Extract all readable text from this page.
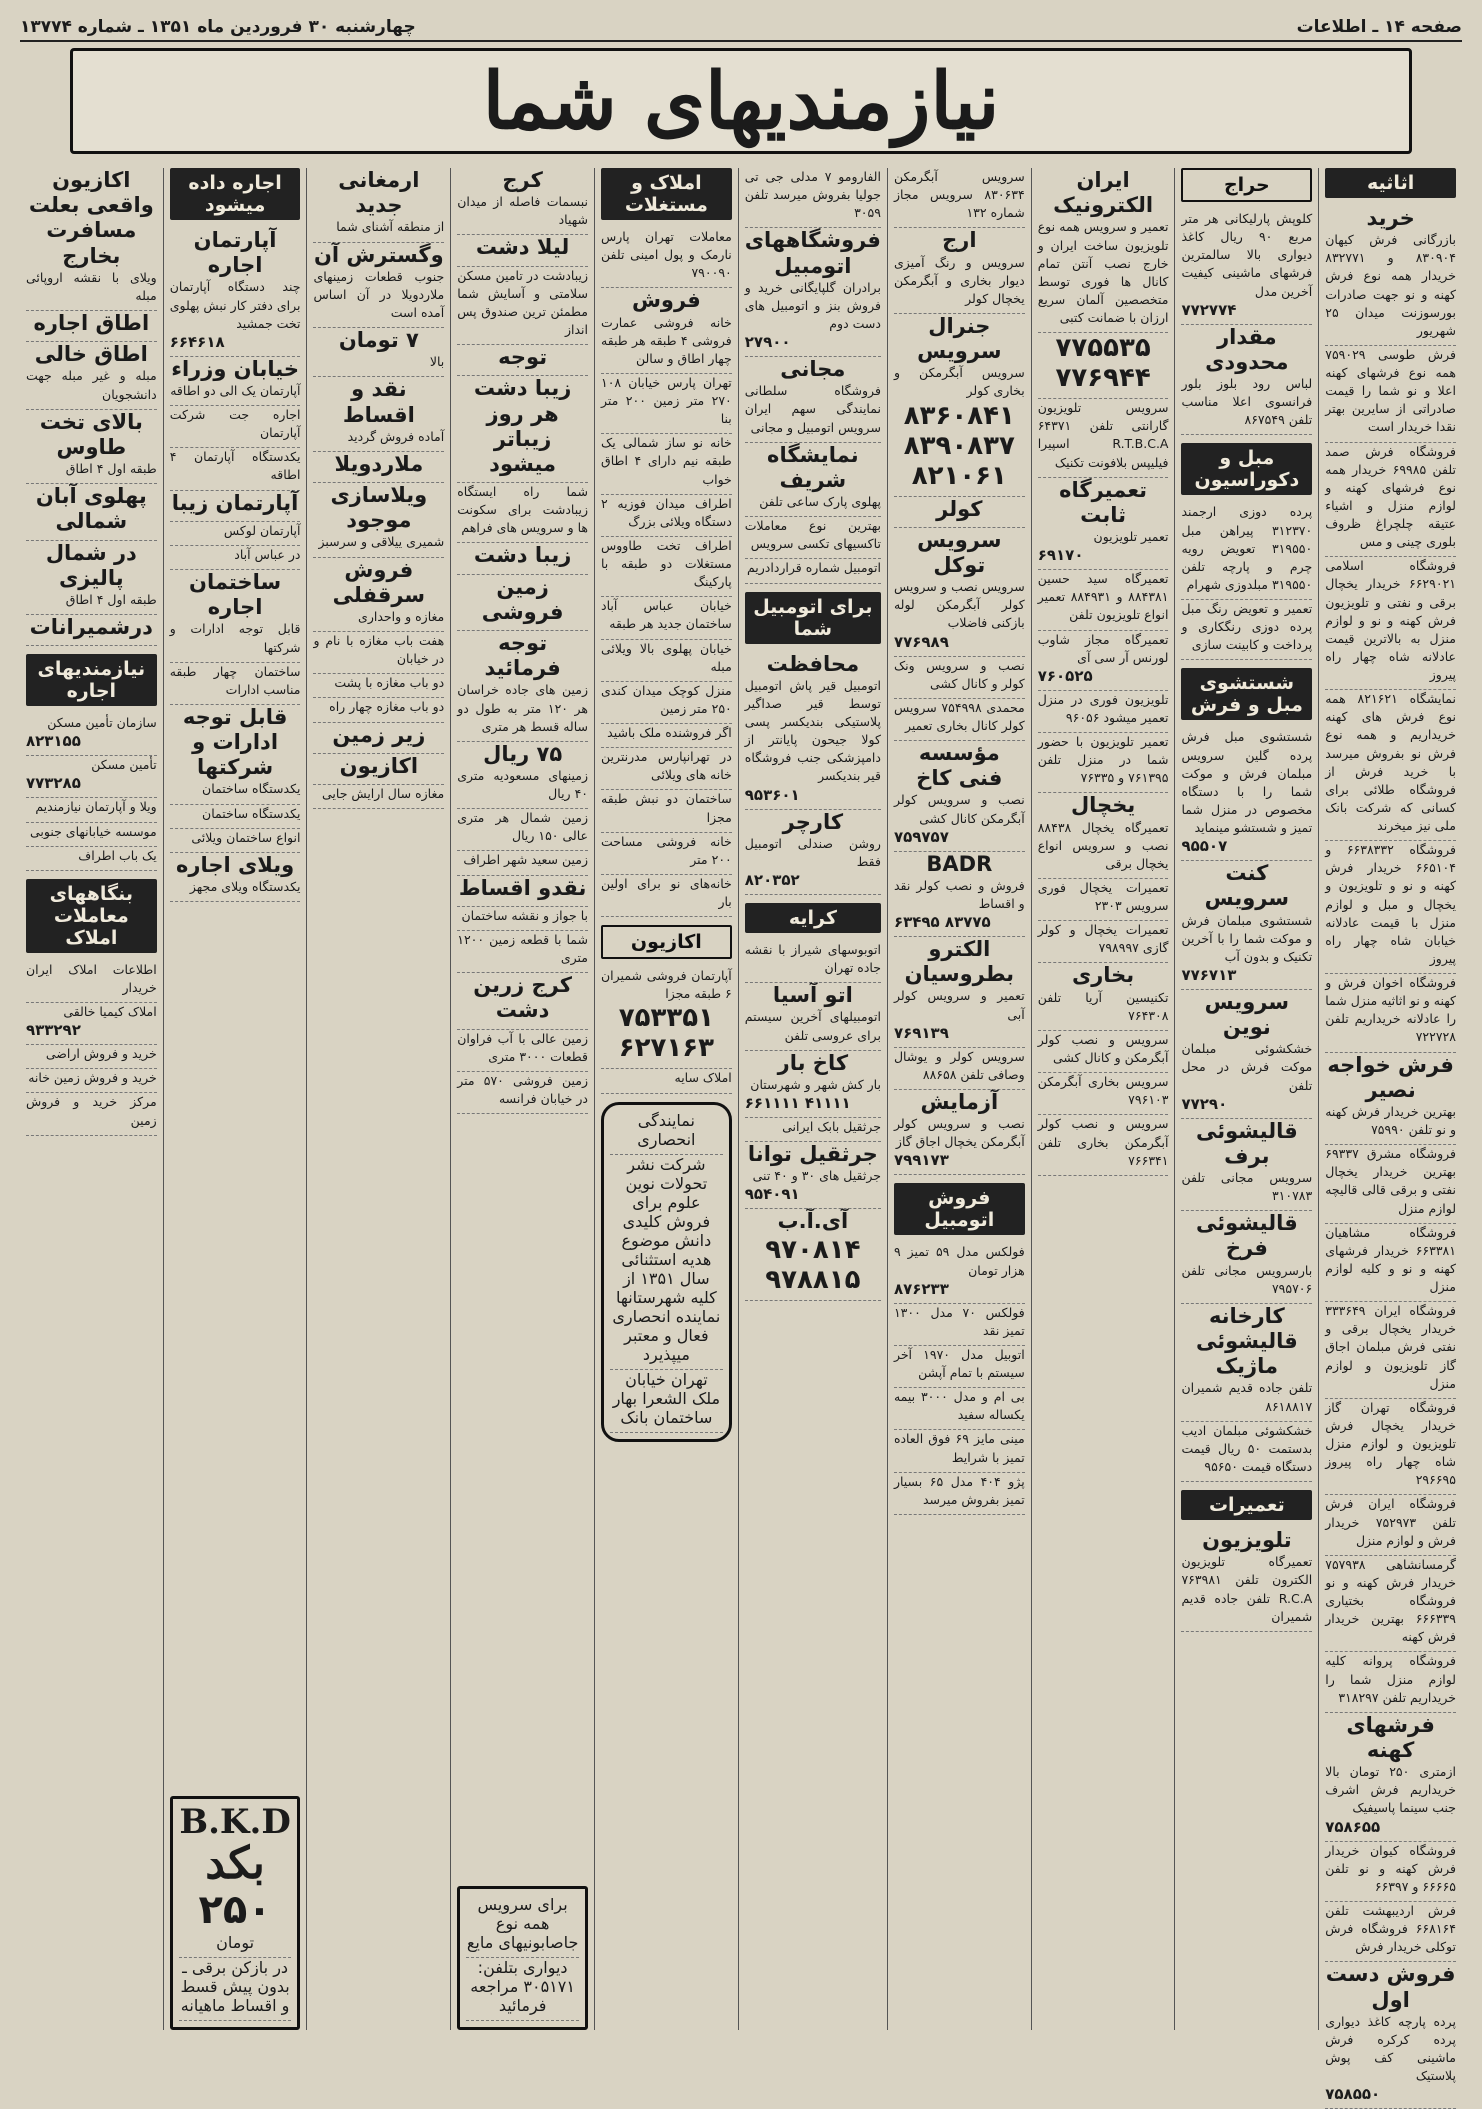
صفحه ۱۴ ـ اطلاعات
چهارشنبه ۳۰ فروردین ماه ۱۳۵۱ ـ شماره ۱۳۷۷۴
نیازمندیهای شما
اثاثیه
خرید
بازرگانی فرش کیهان ۸۳۰۹۰۴ و ۸۳۲۷۷۱ خریدار همه نوع فرش کهنه و نو جهت صادرات بورسوزنت میدان ۲۵ شهریور
فرش طوسی ۷۵۹۰۲۹ همه نوع فرشهای کهنه اعلا و نو شما را قیمت صادراتی از سایرین بهتر نقدا خریدار است
فروشگاه فرش صمد تلفن ۶۹۹۸۵ خریدار همه نوع فرشهای کهنه و لوازم منزل و اشیاء عتیقه چلچراغ ظروف بلوری چینی و مس
فروشگاه اسلامی ۶۶۲۹۰۲۱ خریدار یخچال برقی و نفتی و تلویزیون فرش کهنه و نو و لوازم منزل به بالاترین قیمت عادلانه شاه چهار راه پیروز
نمایشگاه ۸۲۱۶۲۱ همه نوع فرش های کهنه خریداریم و همه نوع فرش نو بفروش میرسد با خرید فرش از فروشگاه طلائی برای کسانی که شرکت بانک ملی نیز میخرند
فروشگاه ۶۶۳۸۳۳۲ و ۶۶۵۱۰۴ خریدار فرش کهنه و نو و تلویزیون و یخچال و مبل و لوازم منزل با قیمت عادلانه خیابان شاه چهار راه پیروز
فروشگاه اخوان فرش و کهنه و نو اثاثیه منزل شما را عادلانه خریداریم تلفن ۷۲۲۷۲۸
فرش خواجه نصیر
بهترین خریدار فرش کهنه و نو تلفن ۷۵۹۹۰
فروشگاه مشرق ۶۹۳۳۷ بهترین خریدار یخچال نفتی و برقی قالی قالیچه لوازم منزل
فروشگاه مشاهیان ۶۶۳۳۸۱ خریدار فرشهای کهنه و نو و کلیه لوازم منزل
فروشگاه ایران ۳۳۳۶۴۹ خریدار یخچال برقی و نفتی فرش مبلمان اجاق گاز تلویزیون و لوازم منزل
فروشگاه تهران گاز خریدار یخچال فرش تلویزیون و لوازم منزل شاه چهار راه پیروز ۲۹۶۶۹۵
فروشگاه ایران فرش تلفن ۷۵۲۹۷۳ خریدار فرش و لوازم منزل
گرمسانشاهی ۷۵۷۹۳۸ خریدار فرش کهنه و نو فروشگاه بختیاری ۶۶۶۳۳۹ بهترین خریدار فرش کهنه
فروشگاه پروانه کلیه لوازم منزل شما را خریداریم تلفن ۳۱۸۲۹۷
فرشهای کهنه
ازمتری ۲۵۰ تومان بالا خریداریم فرش اشرف جنب سینما پاسیفیک
۷۵۸۶۵۵
فروشگاه کیوان خریدار فرش کهنه و نو تلفن ۶۶۶۶۵ و ۶۶۳۹۷
فرش اردیبهشت تلفن ۶۶۸۱۶۴ فروشگاه فرش توکلی خریدار فرش
فروش دست اول
پرده پارچه کاغذ دیواری پرده کرکره فرش ماشینی کف پوش پلاستیک
۷۵۸۵۵۰
حراج
کلوپش پارلیکانی هر متر مربع ۹۰ ریال کاغذ دیواری بالا سالمترین فرشهای ماشینی کیفیت آخرین مدل
۷۷۲۷۷۴
مقدار محدودی
لباس رود بلوز بلور فرانسوی اعلا مناسب تلفن ۸۶۷۵۴۹
مبل و دکوراسیون
پرده دوزی ارجمند ۳۱۲۳۷۰ پیراهن مبل ۳۱۹۵۵۰ تعویض رویه چرم و پارچه تلفن ۳۱۹۵۵۰ مبلدوزی شهرام
تعمیر و تعویض رنگ مبل پرده دوزی رنگکاری و پرداخت و کابینت سازی
شستشوی مبل و فرش
شستشوی مبل فرش پرده گلین سرویس مبلمان فرش و موکت شما را با دستگاه مخصوص در منزل شما تمیز و شستشو مینماید
۹۵۵۰۷
کنت سرویس
شستشوی مبلمان فرش و موکت شما را با آخرین تکنیک و بدون آب
۷۷۶۷۱۳
سرویس نوین
خشکشوئی مبلمان موکت فرش در محل تلفن
۷۷۲۹۰
قالیشوئی برف
سرویس مجانی تلفن ۳۱۰۷۸۳
قالیشوئی فرخ
بارسرویس مجانی تلفن ۷۹۵۷۰۶
کارخانه قالیشوئی ماژیک
تلفن جاده قدیم شمیران ۸۶۱۸۸۱۷
خشکشوئی مبلمان ادیب بدستمت ۵۰ ریال قیمت دستگاه قیمت ۹۵۶۵۰
تعمیرات
تلویزیون
تعمیرگاه تلویزیون الکترون تلفن ۷۶۳۹۸۱ R.C.A تلفن جاده قدیم شمیران
ایران الکترونیک
تعمیر و سرویس همه نوع تلویزیون ساخت ایران و خارج نصب آنتن تمام کانال ها فوری توسط متخصصین آلمان سریع ارزان با ضمانت کتبی
۷۷۵۵۳۵ ۷۷۶۹۴۴
سرویس تلویزیون گارانتی تلفن ۶۴۳۷۱ R.T.B.C.A اسپیرا فیلیپس بلافونت تکنیک
تعمیرگاه ثابت
تعمیر تلویزیون
۶۹۱۷۰
تعمیرگاه سید حسین ۸۸۴۳۸۱ و ۸۸۴۹۳۱ تعمیر انواع تلویزیون تلفن
تعمیرگاه مجاز شاوب لورنس آر سی آی
۷۶۰۵۲۵
تلویزیون فوری در منزل تعمیر میشود ۹۶۰۵۶
تعمیر تلویزیون با حضور شما در منزل تلفن ۷۶۱۳۹۵ و ۷۶۳۳۵
یخچال
تعمیرگاه یخچال ۸۸۴۳۸ نصب و سرویس انواع یخچال برقی
تعمیرات یخچال فوری سرویس ۲۳۰۳
تعمیرات یخچال و کولر گازی ۷۹۸۹۹۷
بخاری
تکنیسین آریا تلفن ۷۶۴۳۰۸
سرویس و نصب کولر آبگرمکن و کانال کشی
سرویس بخاری آبگرمکن ۷۹۶۱۰۳
سرویس و نصب کولر آبگرمکن بخاری تلفن ۷۶۶۳۴۱
سرویس آبگرمکن ۸۳۰۶۳۴ سرویس مجاز شماره ۱۳۲
ارج
سرویس و رنگ آمیزی دیوار بخاری و آبگرمکن یخچال کولر
جنرال سرویس
سرویس آبگرمکن و بخاری کولر
۸۳۶۰۸۴۱ ۸۳۹۰۸۳۷ ۸۲۱۰۶۱
کولر
سرویس توکل
سرویس نصب و سرویس کولر آبگرمکن لوله بازکنی فاضلاب
۷۷۶۹۸۹
نصب و سرویس ونک کولر و کانال کشی
محمدی ۷۵۴۹۹۸ سرویس کولر کانال بخاری تعمیر
مؤسسه فنی کاخ
نصب و سرویس کولر آبگرمکن کانال کشی
۷۵۹۷۵۷
BADR
فروش و نصب کولر نقد و اقساط
۶۳۴۹۵ ۸۳۷۷۵
الکترو بطروسیان
تعمیر و سرویس کولر آبی
۷۶۹۱۳۹
سرویس کولر و یوشال وصافی تلفن ۸۸۶۵۸
آزمایش
نصب و سرویس کولر آبگرمکن یخچال اجاق گاز
۷۹۹۱۷۳
فروش اتومبیل
فولکس مدل ۵۹ تمیز ۹ هزار تومان
۸۷۶۲۳۳
فولکس ۷۰ مدل ۱۳۰۰ تمیز نقد
اتوبیل مدل ۱۹۷۰ آخر سیستم با تمام آپشن
بی ام و مدل ۳۰۰۰ بیمه یکساله سفید
مینی مایز ۶۹ فوق العاده تمیز با شرایط
پژو ۴۰۴ مدل ۶۵ بسیار تمیز بفروش میرسد
الفارومو ۷ مدلی جی تی جولیا بفروش میرسد تلفن ۳۰۵۹
فروشگاههای اتومبیل
برادران گلپایگانی خرید و فروش بنز و اتومبیل های دست دوم
۲۷۹۰۰
مجانی
فروشگاه سلطانی نمایندگی سهم ایران سرویس اتومبیل و مجانی
نمایشگاه شریف
پهلوی پارک ساعی تلفن
بهترین نوع معاملات تاکسیهای تکسی سرویس
اتومبیل شماره قراردادریم
برای اتومبیل شما
محافظت
اتومبیل قیر پاش اتومبیل توسط قیر صداگیر پلاستیکی بندیکسر پسی کولا جیحون پایانتر از دامپزشکی جنب فروشگاه قیر بندیکسر
۹۵۳۶۰۱
کارچر
روشن صندلی اتومبیل فقط
۸۲۰۳۵۲
کرایه
اتوبوسهای شیراز با نقشه جاده تهران
اتو آسیا
اتومبیلهای آخرین سیستم برای عروسی تلفن
کاخ بار
بار کش شهر و شهرستان
۶۶۱۱۱۱ ۴۱۱۱۱
جرثقیل بابک ایرانی
جرثقیل توانا
جرثقیل های ۳۰ و ۴۰ تنی
۹۵۴۰۹۱
آی.آ.ب
۹۷۰۸۱۴ ۹۷۸۸۱۵
املاک و مستغلات
معاملات تهران پارس نارمک و پول امینی تلفن ۷۹۰۰۹۰
فروش
خانه فروشی عمارت فروشی ۴ طبقه هر طبقه چهار اطاق و سالن
تهران پارس خیابان ۱۰۸ ۲۷۰ متر زمین ۲۰۰ متر بنا
خانه نو ساز شمالی یک طبقه نیم دارای ۴ اطاق خواب
اطراف میدان فوزیه ۲ دستگاه ویلائی بزرگ
اطراف تخت طاووس مستغلات دو طبقه با پارکینگ
خیابان عباس آباد ساختمان جدید هر طبقه
خیابان پهلوی بالا ویلائی مبله
منزل کوچک میدان کندی ۲۵۰ متر زمین
اگر فروشنده ملک باشید
در تهرانپارس مدرنترین خانه های ویلائی
ساختمان دو نبش طبقه مجزا
خانه فروشی مساحت ۲۰۰ متر
خانه‌های نو برای اولین بار
اکازیون
آپارتمان فروشی شمیران ۶ طبقه مجزا
۷۵۳۳۵۱ ۶۲۷۱۶۳
املاک سایه
نمایندگی انحصاری
شرکت نشر تحولات نوین علوم برای فروش کلیدی دانش موضوع هدیه استثنائی سال ۱۳۵۱ از کلیه شهرستانها نماینده انحصاری فعال و معتبر میپذیرد
تهران خیابان ملک الشعرا بهار ساختمان بانک
کرج
نبسمات فاصله از میدان شهیاد
لیلا دشت
زیبادشت در تامین مسکن سلامتی و آسایش شما مطمئن ترین صندوق پس انداز
توجه
زیبا دشت هر روز زیباتر میشود
شما راه ایستگاه زیبادشت برای سکونت ها و سرویس های فراهم
زیبا دشت
زمین فروشی
توجه فرمائید
زمین های جاده خراسان هر ۱۲۰ متر به طول دو ساله قسط هر متری
۷۵ ریال
زمینهای مسعودیه متری ۴۰ ریال
زمین شمال هر متری عالی ۱۵۰ ریال
زمین سعید شهر اطراف
نقدو اقساط
با جواز و نقشه ساختمان
شما با قطعه زمین ۱۲۰۰ متری
کرج زرین دشت
زمین عالی با آب فراوان قطعات ۳۰۰۰ متری
زمین فروشی ۵۷۰ متر در خیابان فرانسه
برای سرویس همه نوع جاصابونیهای مایع
دیواری بتلفن: ۳۰۵۱۷۱ مراجعه فرمائید
ارمغانی جدید
از منطقه آشنای شما
وگسترش آن
جنوب قطعات زمینهای ملاردویلا در آن اساس آمده است
۷ تومان
بالا
نقد و اقساط
آماده فروش گردید
ملاردویلا
ویلاسازی موجود
شمیری ییلاقی و سرسبز
فروش سرقفلی
مغازه و واحداری
هفت باب مغازه با نام و در خیابان
دو باب مغازه با پشت
دو باب مغازه چهار راه
زیر زمین
اکازیون
مغازه سال ارایش جایی
اجاره داده میشود
آپارتمان اجاره
چند دستگاه آپارتمان برای دفتر کار نبش پهلوی تخت جمشید
۶۶۴۶۱۸
خیابان وزراء
آپارتمان یک الی دو اطاقه
اجاره جت شرکت آپارتمان
یکدستگاه آپارتمان ۴ اطاقه
آپارتمان زیبا
آپارتمان لوکس
در عباس آباد
ساختمان اجاره
قابل توجه ادارات و شرکتها
ساختمان چهار طبقه مناسب ادارات
قابل توجه ادارات و شرکتها
یکدستگاه ساختمان
یکدستگاه ساختمان
انواع ساختمان ویلائی
ویلای اجاره
یکدستگاه ویلای مجهز
B.K.D
بکد
۲۵۰
تومان
در بازکن برقی ـ بدون پیش قسط و اقساط ماهیانه
اکازیون واقعی بعلت مسافرت بخارج
ویلای با نقشه اروپائی مبله
اطاق اجاره
اطاق خالی
مبله و غیر مبله جهت دانشجویان
بالای تخت طاوس
طبقه اول ۴ اطاق
پهلوی آبان شمالی
در شمال پالیزی
طبقه اول ۴ اطاق
درشمیرانات
نیازمندیهای اجاره
سازمان تأمین مسکن
۸۲۳۱۵۵
تأمین مسکن
۷۷۳۲۸۵
ویلا و آپارتمان نیازمندیم
موسسه خیابانهای جنوبی
یک باب اطراف
بنگاههای معاملات املاک
اطلاعات املاک ایران خریدار
املاک کیمیا خالقی
۹۳۳۲۹۲
خرید و فروش اراضی
خرید و فروش زمین خانه
مرکز خرید و فروش زمین
